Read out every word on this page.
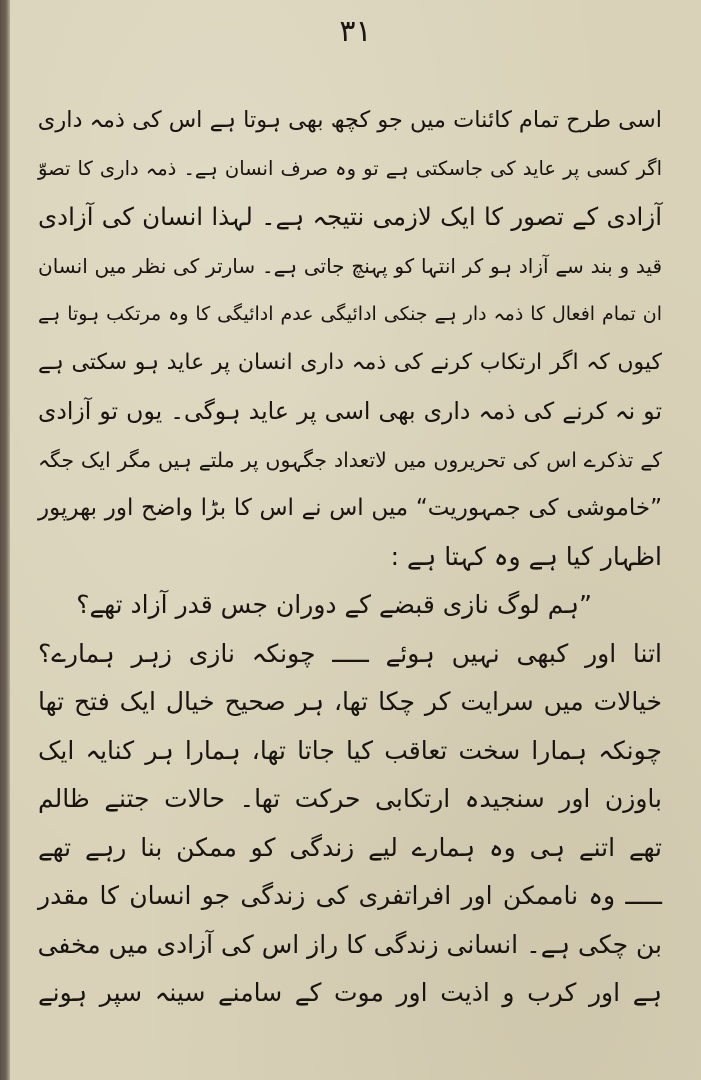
۳۱
اسی طرح تمام کائنات میں جو کچھ بھی ہوتا ہے اس کی ذمہ داری
اگر کسی پر عاید کی جاسکتی ہے تو وہ صرف انسان ہے۔ ذمہ داری کا تصوّ
آزادی کے تصور کا ایک لازمی نتیجہ ہے۔ لہذا انسان کی آزادی
قید و بند سے آزاد ہو کر انتہا کو پہنچ جاتی ہے۔ سارتر کی نظر میں انسان
ان تمام افعال کا ذمہ دار ہے جنکی ادائیگی عدم ادائیگی کا وہ مرتکب ہوتا ہے
کیوں کہ اگر ارتکاب کرنے کی ذمہ داری انسان پر عاید ہو سکتی ہے
تو نہ کرنے کی ذمہ داری بھی اسی پر عاید ہوگی۔ یوں تو آزادی
کے تذکرے اس کی تحریروں میں لاتعداد جگہوں پر ملتے ہیں مگر ایک جگہ
”خاموشی کی جمہوریت“ میں اس نے اس کا بڑا واضح اور بھرپور
اظہار کیا ہے وہ کہتا ہے :
”ہم لوگ نازی قبضے کے دوران جس قدر آزاد تھے؟
اتنا اور کبھی نہیں ہوئے ـــــ چونکہ نازی زہر ہمارے؟
خیالات میں سرایت کر چکا تھا، ہر صحیح خیال ایک فتح تھا
چونکہ ہمارا سخت تعاقب کیا جاتا تھا، ہمارا ہر کنایہ ایک
باوزن اور سنجیدہ ارتکابی حرکت تھا۔ حالات جتنے ظالم
تھے اتنے ہی وہ ہمارے لیے زندگی کو ممکن بنا رہے تھے
ـــــ وہ ناممکن اور افراتفری کی زندگی جو انسان کا مقدر
بن چکی ہے۔ انسانی زندگی کا راز اس کی آزادی میں مخفی
ہے اور کرب و اذیت اور موت کے سامنے سینہ سپر ہونے
